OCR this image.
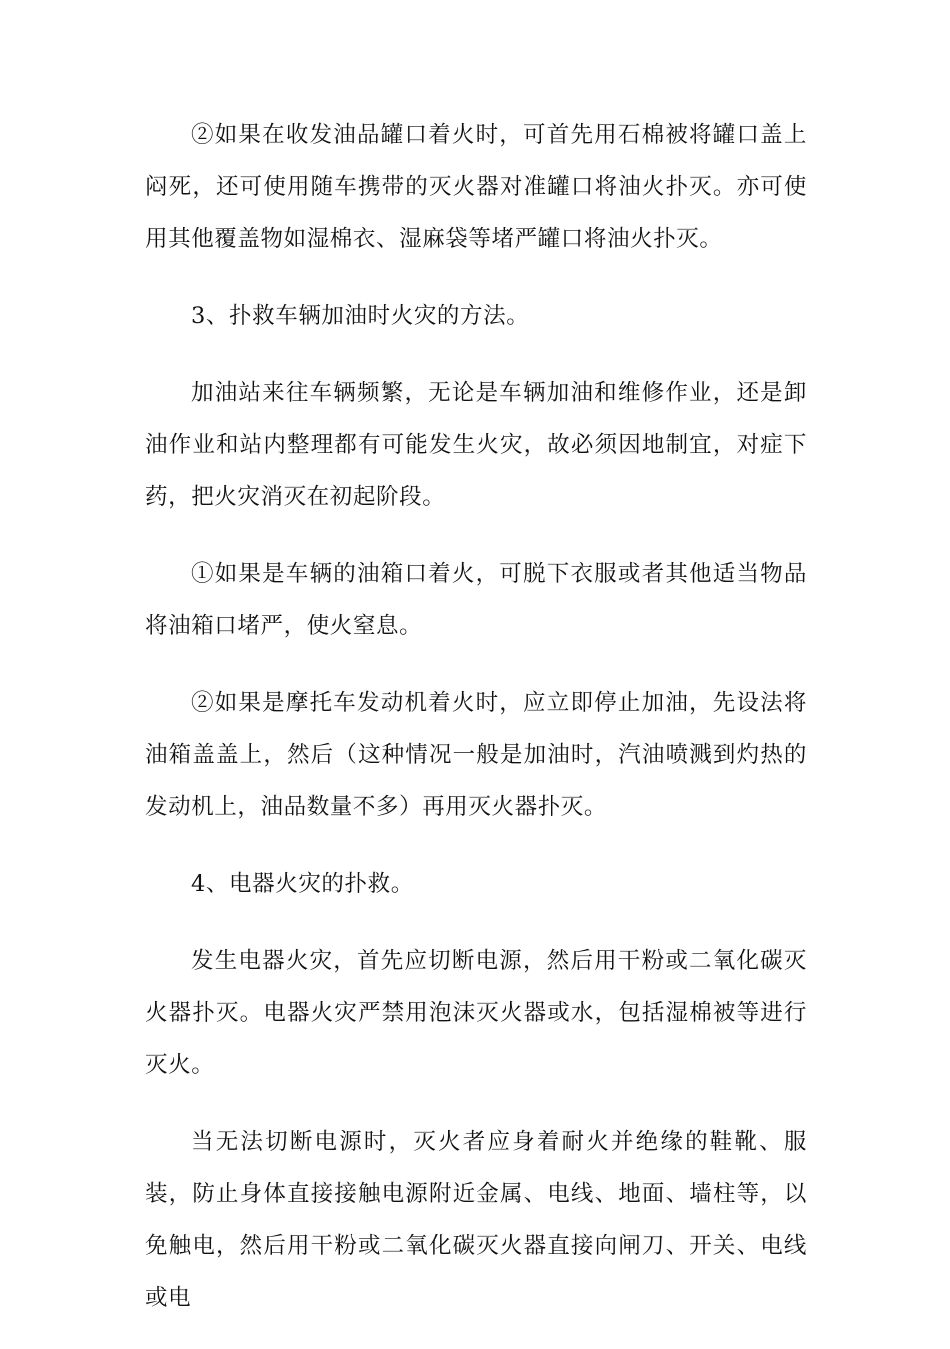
②如果在收发油品罐口着火时，可首先用石棉被将罐口盖上闷死，还可使用随车携带的灭火器对准罐口将油火扑灭。亦可使用其他覆盖物如湿棉衣、湿麻袋等堵严罐口将油火扑灭。

3、扑救车辆加油时火灾的方法。

加油站来往车辆频繁，无论是车辆加油和维修作业，还是卸油作业和站内整理都有可能发生火灾，故必须因地制宜，对症下药，把火灾消灭在初起阶段。

①如果是车辆的油箱口着火，可脱下衣服或者其他适当物品将油箱口堵严，使火窒息。

②如果是摩托车发动机着火时，应立即停止加油，先设法将油箱盖盖上，然后（这种情况一般是加油时，汽油喷溅到灼热的发动机上，油品数量不多）再用灭火器扑灭。

4、电器火灾的扑救。

发生电器火灾，首先应切断电源，然后用干粉或二氧化碳灭火器扑灭。电器火灾严禁用泡沫灭火器或水，包括湿棉被等进行灭火。

当无法切断电源时，灭火者应身着耐火并绝缘的鞋靴、服装，防止身体直接接触电源附近金属、电线、地面、墙柱等，以免触电，然后用干粉或二氧化碳灭火器直接向闸刀、开关、电线或电
